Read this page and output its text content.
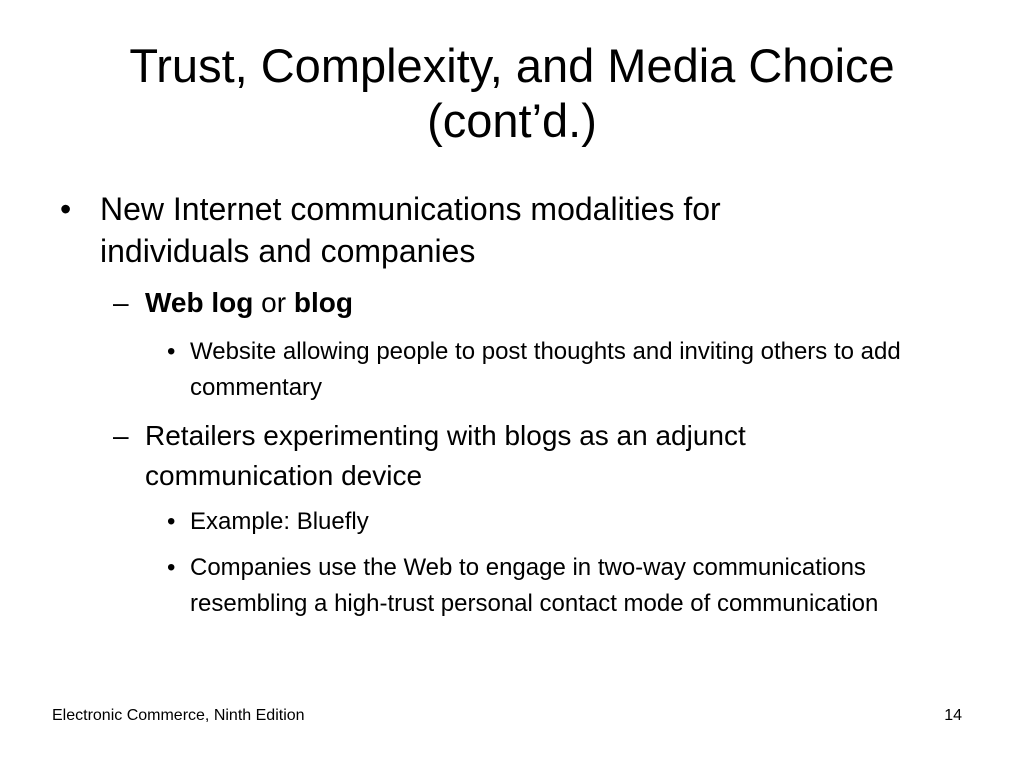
Trust, Complexity, and Media Choice
(cont’d.)
• New Internet communications modalities for individuals and companies

– Web log or blog

• Website allowing people to post thoughts and inviting others to add commentary

– Retailers experimenting with blogs as an adjunct communication device

• Example: Bluefly

• Companies use the Web to engage in two-way communications resembling a high-trust personal contact mode of communication

Electronic Commerce, Ninth Edition	14
